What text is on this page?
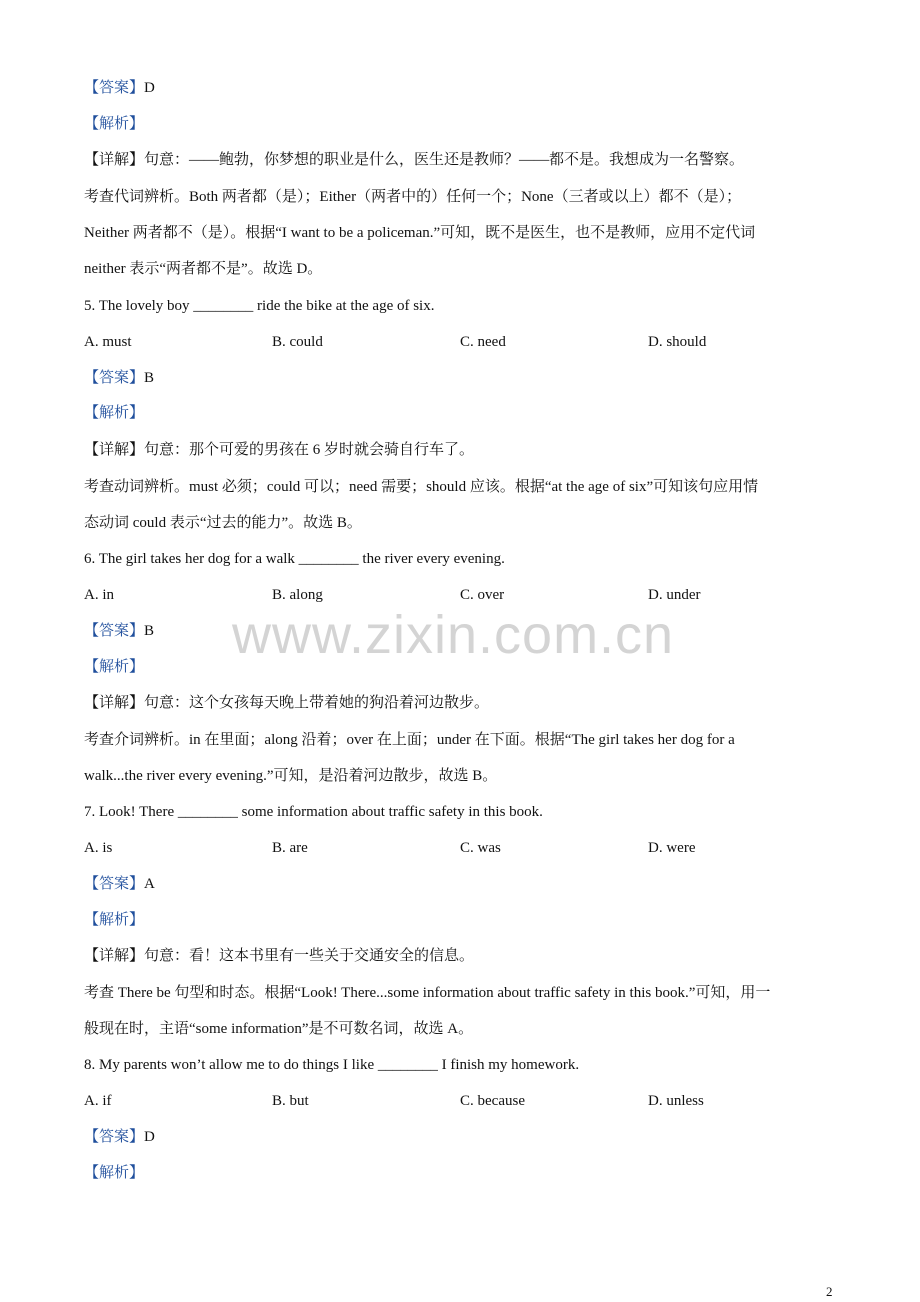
www.zixin.com.cn
【答案】D
【解析】
【详解】句意：——鲍勃，你梦想的职业是什么，医生还是教师？——都不是。我想成为一名警察。
考查代词辨析。Both 两者都（是）；Either（两者中的）任何一个；None（三者或以上）都不（是）；
Neither 两者都不（是）。根据“I want to be a policeman.”可知，既不是医生，也不是教师，应用不定代词
neither 表示“两者都不是”。故选 D。
5. The lovely boy ________ ride the bike at the age of six.
A. must	B. could	C. need	D. should
【答案】B
【解析】
【详解】句意：那个可爱的男孩在 6 岁时就会骑自行车了。
考查动词辨析。must 必须；could 可以；need 需要；should 应该。根据“at the age of six”可知该句应用情
态动词 could 表示“过去的能力”。故选 B。
6. The girl takes her dog for a walk ________ the river every evening.
A. in	B. along	C. over	D. under
【答案】B
【解析】
【详解】句意：这个女孩每天晚上带着她的狗沿着河边散步。
考查介词辨析。in 在里面；along 沿着；over 在上面；under 在下面。根据“The girl takes her dog for a
walk...the river every evening.”可知，是沿着河边散步，故选 B。
7. Look! There ________ some information about traffic safety in this book.
A. is	B. are	C. was	D. were
【答案】A
【解析】
【详解】句意：看！这本书里有一些关于交通安全的信息。
考查 There be 句型和时态。根据“Look! There...some information about traffic safety in this book.”可知，用一
般现在时，主语“some information”是不可数名词，故选 A。
8. My parents won’t allow me to do things I like ________ I finish my homework.
A. if	B. but	C. because	D. unless
【答案】D
【解析】
2
